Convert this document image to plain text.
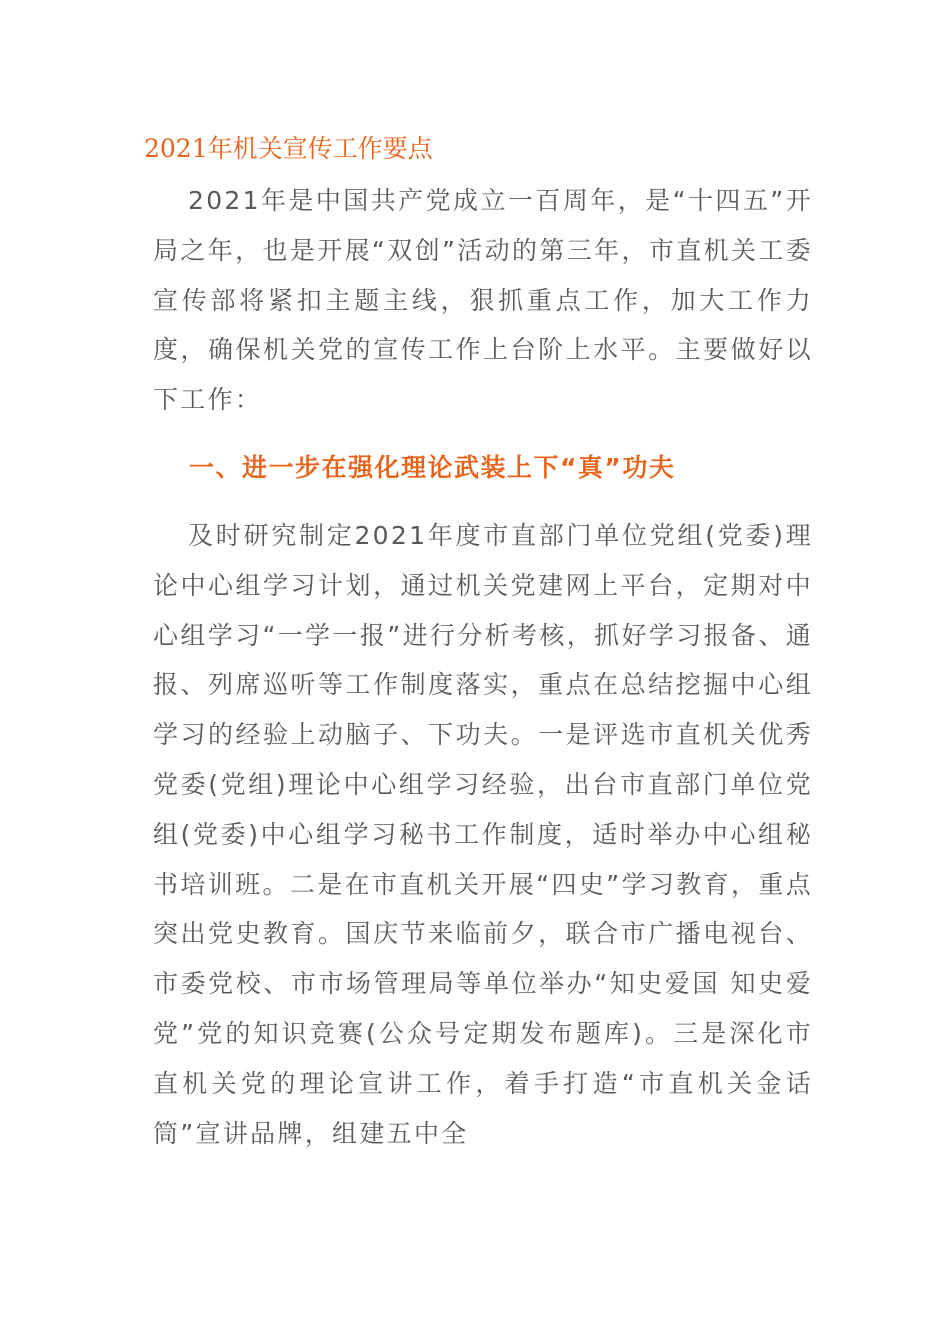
2021年机关宣传工作要点

2021年是中国共产党成立一百周年，是“十四五”开局之年，也是开展“双创”活动的第三年，市直机关工委宣传部将紧扣主题主线，狠抓重点工作，加大工作力度，确保机关党的宣传工作上台阶上水平。主要做好以下工作：

一、进一步在强化理论武装上下“真”功夫

及时研究制定2021年度市直部门单位党组(党委)理论中心组学习计划，通过机关党建网上平台，定期对中心组学习“一学一报”进行分析考核，抓好学习报备、通报、列席巡听等工作制度落实，重点在总结挖掘中心组学习的经验上动脑子、下功夫。一是评选市直机关优秀党委(党组)理论中心组学习经验，出台市直部门单位党组(党委)中心组学习秘书工作制度，适时举办中心组秘书培训班。二是在市直机关开展“四史”学习教育，重点突出党史教育。国庆节来临前夕，联合市广播电视台、市委党校、市市场管理局等单位举办“知史爱国 知史爱党”党的知识竞赛(公众号定期发布题库)。三是深化市直机关党的理论宣讲工作，着手打造“市直机关金话筒”宣讲品牌，组建五中全
